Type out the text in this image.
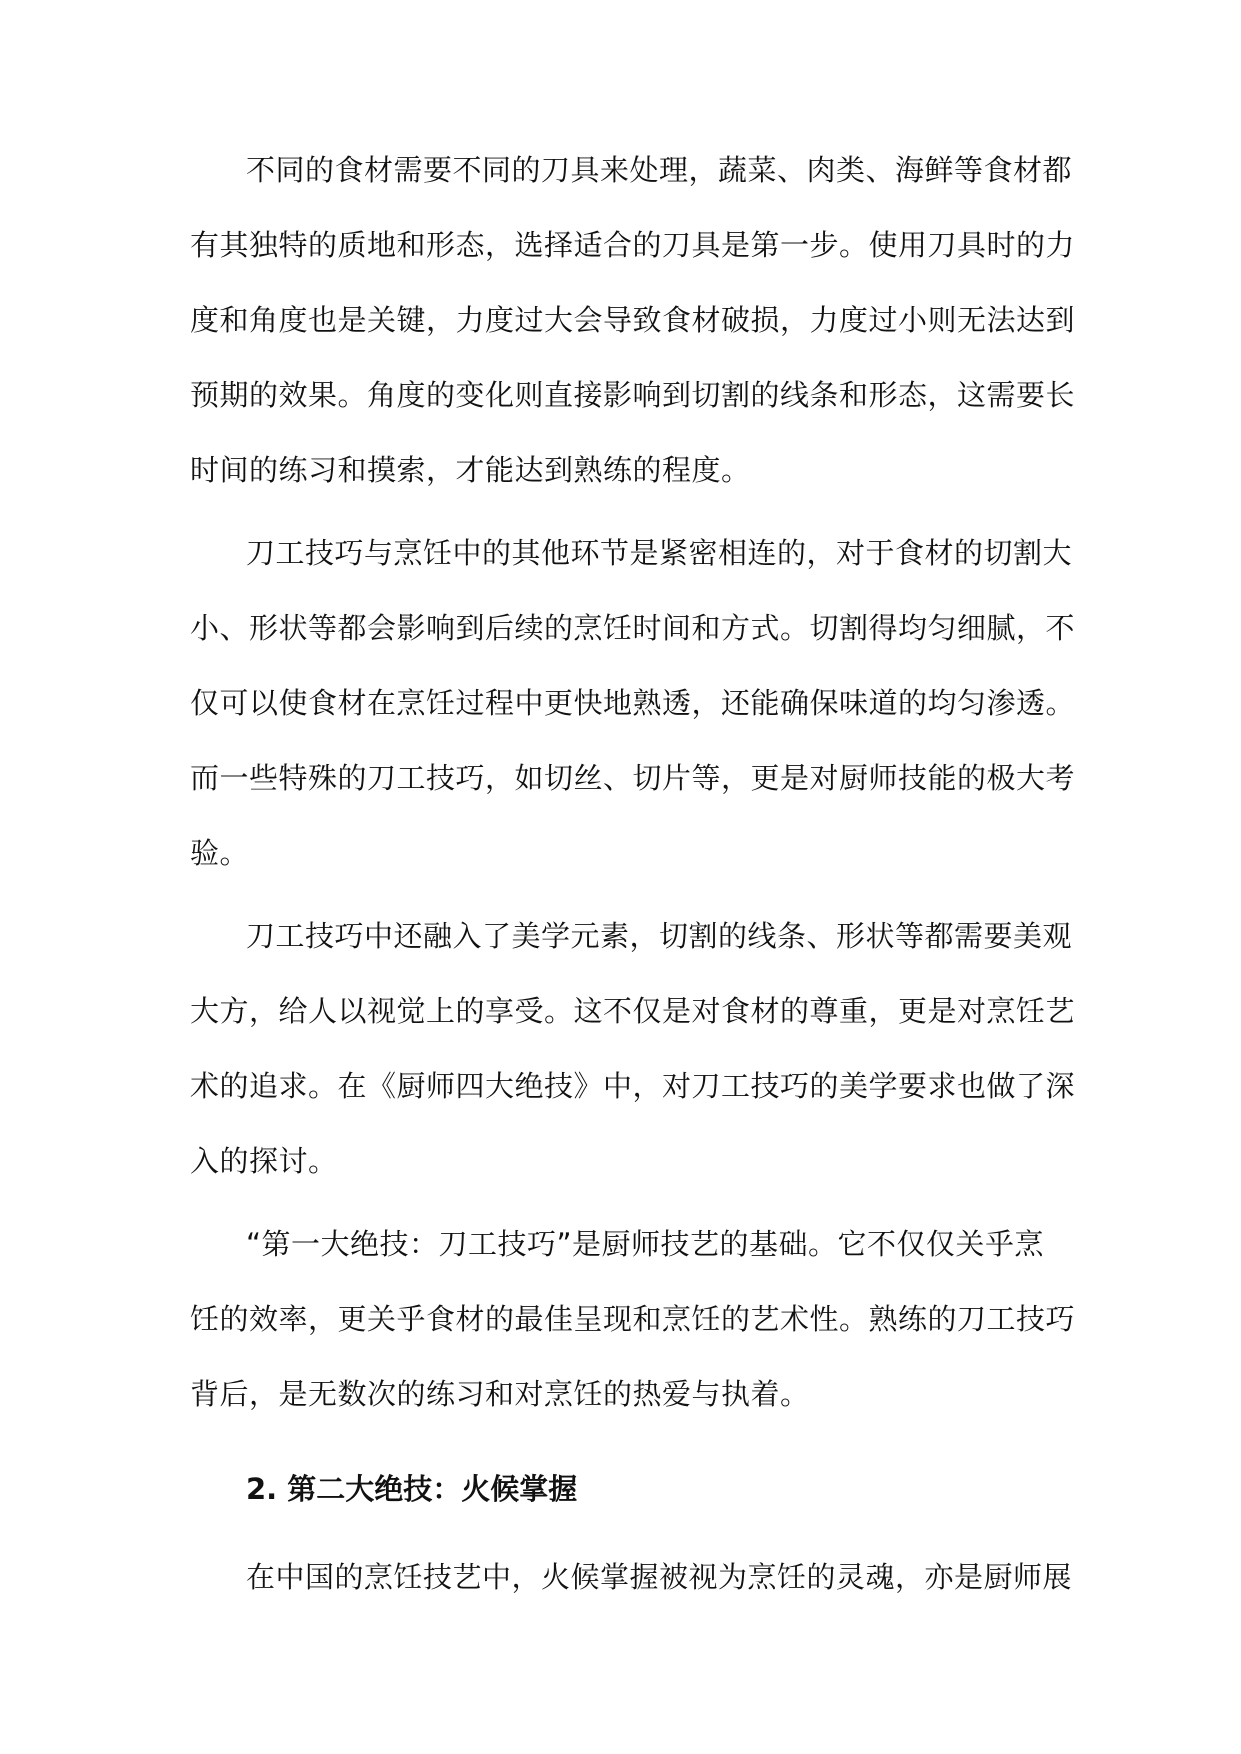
不同的食材需要不同的刀具来处理，蔬菜、肉类、海鲜等食材都
有其独特的质地和形态，选择适合的刀具是第一步。使用刀具时的力
度和角度也是关键，力度过大会导致食材破损，力度过小则无法达到
预期的效果。角度的变化则直接影响到切割的线条和形态，这需要长
时间的练习和摸索，才能达到熟练的程度。
刀工技巧与烹饪中的其他环节是紧密相连的，对于食材的切割大
小、形状等都会影响到后续的烹饪时间和方式。切割得均匀细腻，不
仅可以使食材在烹饪过程中更快地熟透，还能确保味道的均匀渗透。
而一些特殊的刀工技巧，如切丝、切片等，更是对厨师技能的极大考
验。
刀工技巧中还融入了美学元素，切割的线条、形状等都需要美观
大方，给人以视觉上的享受。这不仅是对食材的尊重，更是对烹饪艺
术的追求。在《厨师四大绝技》中，对刀工技巧的美学要求也做了深
入的探讨。
“第一大绝技：刀工技巧”是厨师技艺的基础。它不仅仅关乎烹
饪的效率，更关乎食材的最佳呈现和烹饪的艺术性。熟练的刀工技巧
背后，是无数次的练习和对烹饪的热爱与执着。
2. 第二大绝技：火候掌握
在中国的烹饪技艺中，火候掌握被视为烹饪的灵魂，亦是厨师展
